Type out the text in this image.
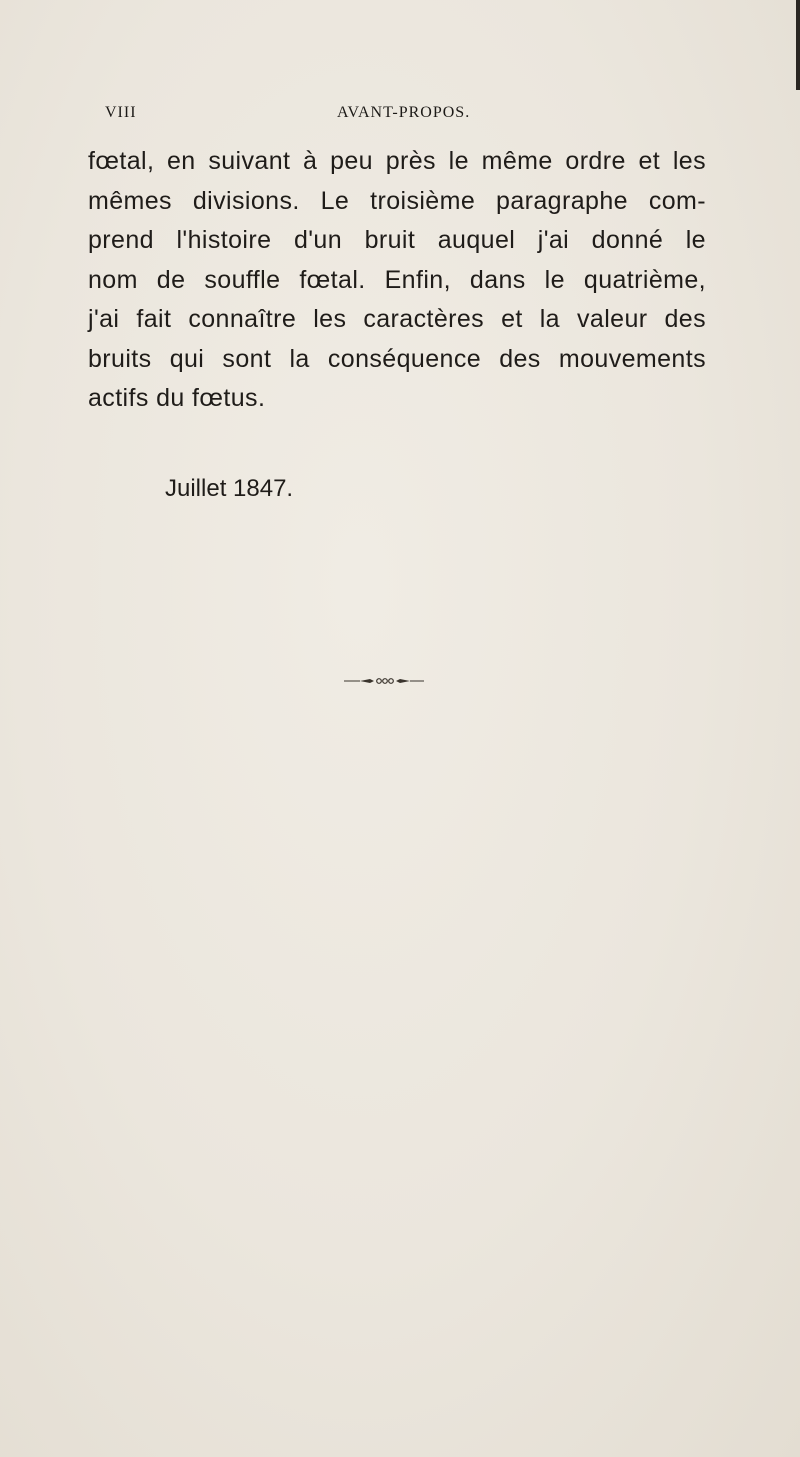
VIII	AVANT-PROPOS.
fœtal, en suivant à peu près le même ordre et les
mêmes divisions. Le troisième paragraphe com-
prend l'histoire d'un bruit auquel j'ai donné le
nom de souffle fœtal. Enfin, dans le quatrième,
j'ai fait connaître les caractères et la valeur des
bruits qui sont la conséquence des mouvements
actifs du fœtus.
Juillet 1847.
